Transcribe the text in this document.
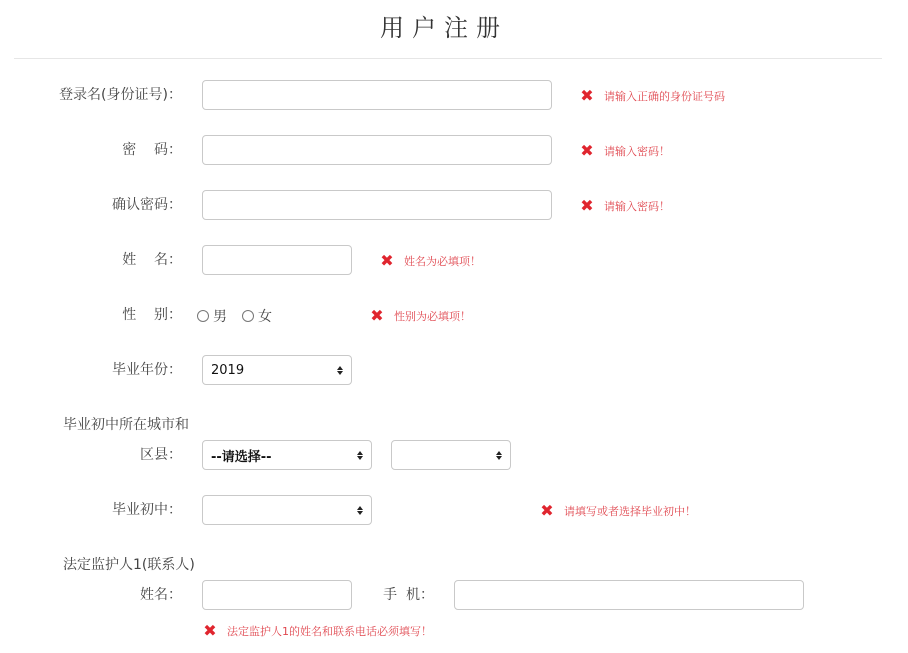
用户注册
登录名(身份证号)：	✖ 请输入正确的身份证号码
密    码：	✖ 请输入密码！
确认密码：	✖ 请输入密码！
姓    名：	✖ 姓名为必填项！
性    别： 男 女	✖ 性别为必填项！
毕业年份： 2019
毕业初中所在城市和
区县： --请选择--
毕业初中：	✖ 请填写或者选择毕业初中！
法定监护人1(联系人)
姓名：	手  机：
✖ 法定监护人1的姓名和联系电话必须填写！
